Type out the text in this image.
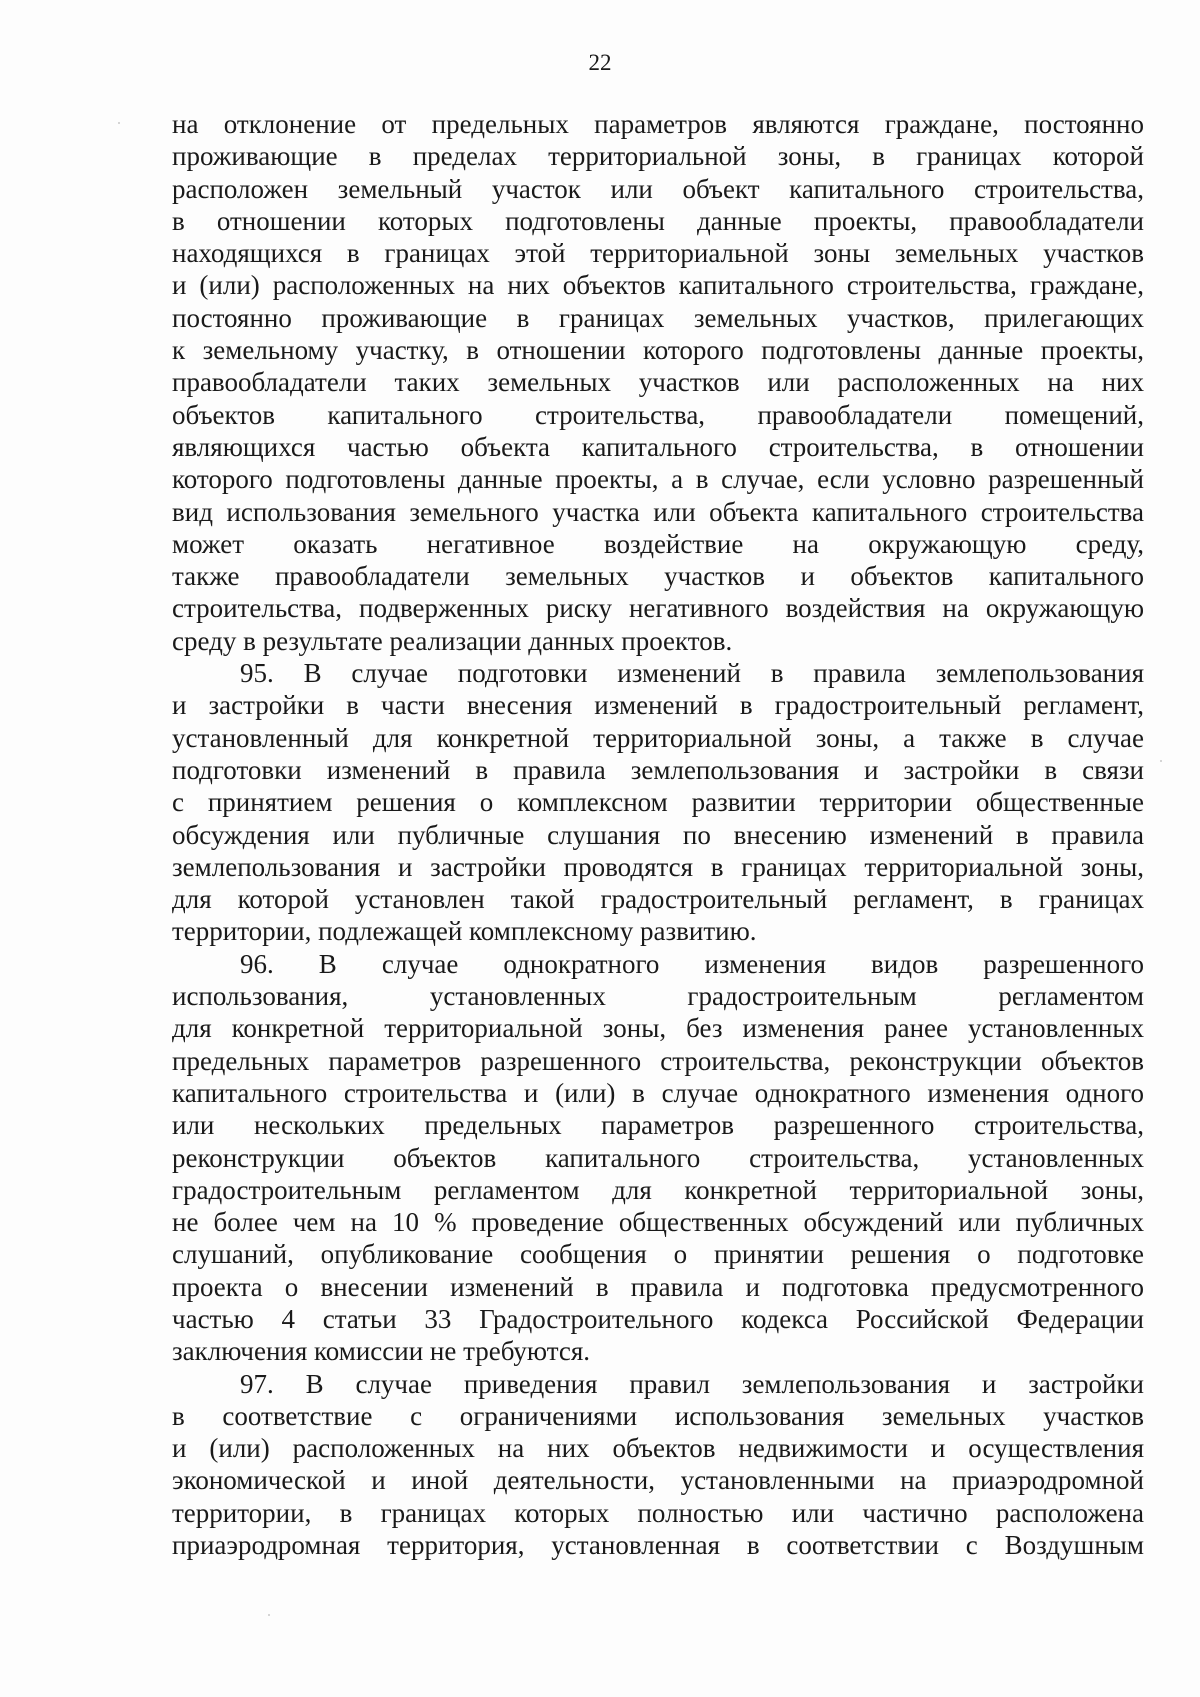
22
на отклонение от предельных параметров являются граждане, постоянно
проживающие в пределах территориальной зоны, в границах которой
расположен земельный участок или объект капитального строительства,
в отношении которых подготовлены данные проекты, правообладатели
находящихся в границах этой территориальной зоны земельных участков
и (или) расположенных на них объектов капитального строительства, граждане,
постоянно проживающие в границах земельных участков, прилегающих
к земельному участку, в отношении которого подготовлены данные проекты,
правообладатели таких земельных участков или расположенных на них
объектов капитального строительства, правообладатели помещений,
являющихся частью объекта капитального строительства, в отношении
которого подготовлены данные проекты, а в случае, если условно разрешенный
вид использования земельного участка или объекта капитального строительства
может оказать негативное воздействие на окружающую среду,
также правообладатели земельных участков и объектов капитального
строительства, подверженных риску негативного воздействия на окружающую
среду в результате реализации данных проектов.
95. В случае подготовки изменений в правила землепользования
и застройки в части внесения изменений в градостроительный регламент,
установленный для конкретной территориальной зоны, а также в случае
подготовки изменений в правила землепользования и застройки в связи
с принятием решения о комплексном развитии территории общественные
обсуждения или публичные слушания по внесению изменений в правила
землепользования и застройки проводятся в границах территориальной зоны,
для которой установлен такой градостроительный регламент, в границах
территории, подлежащей комплексному развитию.
96. В случае однократного изменения видов разрешенного
использования, установленных градостроительным регламентом
для конкретной территориальной зоны, без изменения ранее установленных
предельных параметров разрешенного строительства, реконструкции объектов
капитального строительства и (или) в случае однократного изменения одного
или нескольких предельных параметров разрешенного строительства,
реконструкции объектов капитального строительства, установленных
градостроительным регламентом для конкретной территориальной зоны,
не более чем на 10 % проведение общественных обсуждений или публичных
слушаний, опубликование сообщения о принятии решения о подготовке
проекта о внесении изменений в правила и подготовка предусмотренного
частью 4 статьи 33 Градостроительного кодекса Российской Федерации
заключения комиссии не требуются.
97. В случае приведения правил землепользования и застройки
в соответствие с ограничениями использования земельных участков
и (или) расположенных на них объектов недвижимости и осуществления
экономической и иной деятельности, установленными на приаэродромной
территории, в границах которых полностью или частично расположена
приаэродромная территория, установленная в соответствии с Воздушным
